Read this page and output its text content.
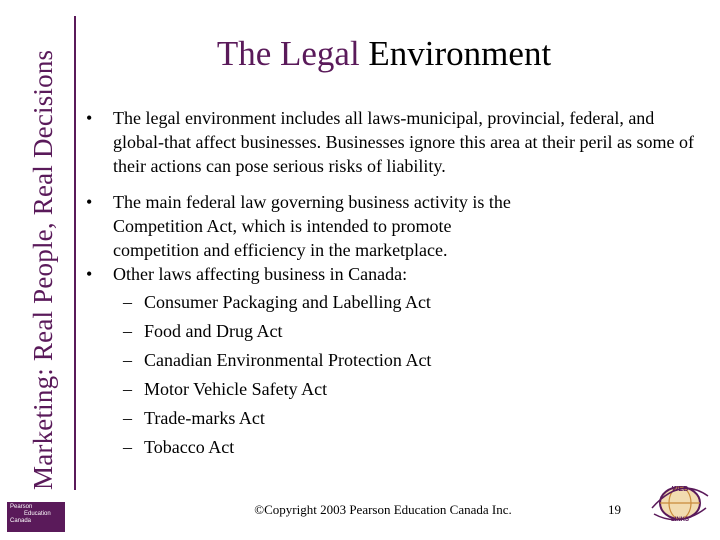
Marketing: Real People, Real Decisions	The Legal Environment
• The legal environment includes all laws-municipal, provincial, federal, and global-that affect businesses. Businesses ignore this area at their peril as some of their actions can pose serious risks of liability.
• The main federal law governing business activity is the Competition Act, which is intended to promote competition and efficiency in the marketplace.
• Other laws affecting business in Canada:
– Consumer Packaging and Labelling Act
– Food and Drug Act
– Canadian Environmental Protection Act
– Motor Vehicle Safety Act
– Trade-marks Act
– Tobacco Act
Pearson
Education
Canada
©Copyright 2003 Pearson Education Canada Inc.	19
WEB
LINKS
